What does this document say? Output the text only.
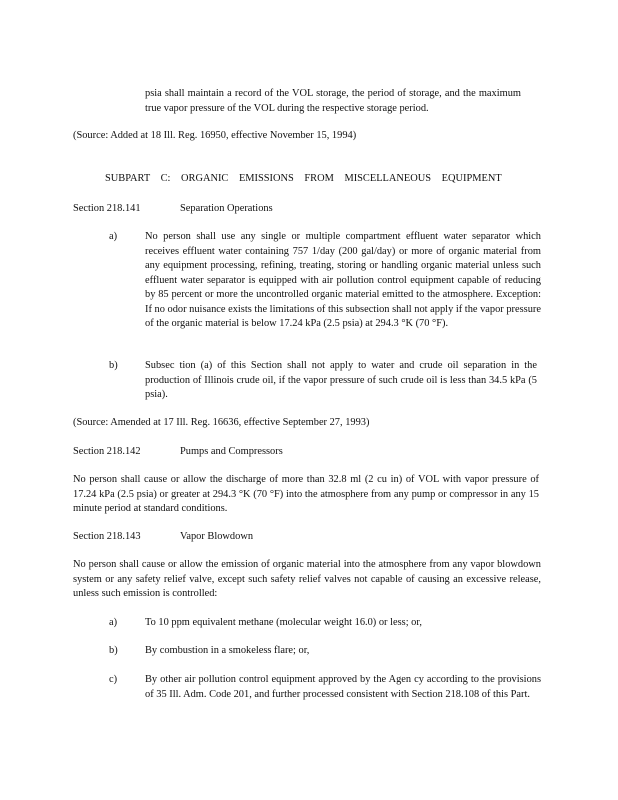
psia shall maintain a record of the VOL storage, the period of storage, and the maximum true vapor pressure of the VOL during the respective storage period.
(Source: Added at 18 Ill. Reg. 16950, effective November 15, 1994)
SUBPART C: ORGANIC EMISSIONS FROM MISCELLANEOUS EQUIPMENT
Section 218.141	Separation Operations
a)	No person shall use any single or multiple compartment effluent water separator which receives effluent water containing 757 1/day (200 gal/day) or more of organic material from any equipment processing, refining, treating, storing or handling organic material unless such effluent water separator is equipped with air pollution control equipment capable of reducing by 85 percent or more the uncontrolled organic material emitted to the atmosphere. Exception: If no odor nuisance exists the limitations of this subsection shall not apply if the vapor pressure of the organic material is below 17.24 kPa (2.5 psia) at 294.3 °K (70 °F).
b)	Subsec tion (a) of this Section shall not apply to water and crude oil separation in the production of Illinois crude oil, if the vapor pressure of such crude oil is less than 34.5 kPa (5 psia).
(Source: Amended at 17 Ill. Reg. 16636, effective September 27, 1993)
Section 218.142	Pumps and Compressors
No person shall cause or allow the discharge of more than 32.8 ml (2 cu in) of VOL with vapor pressure of 17.24 kPa (2.5 psia) or greater at 294.3 °K (70 °F) into the atmosphere from any pump or compressor in any 15 minute period at standard conditions.
Section 218.143	Vapor Blowdown
No person shall cause or allow the emission of organic material into the atmosphere from any vapor blowdown system or any safety relief valve, except such safety relief valves not capable of causing an excessive release, unless such emission is controlled:
a)	To 10 ppm equivalent methane (molecular weight 16.0) or less; or,
b)	By combustion in a smokeless flare; or,
c)	By other air pollution control equipment approved by the Agen cy according to the provisions of 35 Ill. Adm. Code 201, and further processed consistent with Section 218.108 of this Part.
